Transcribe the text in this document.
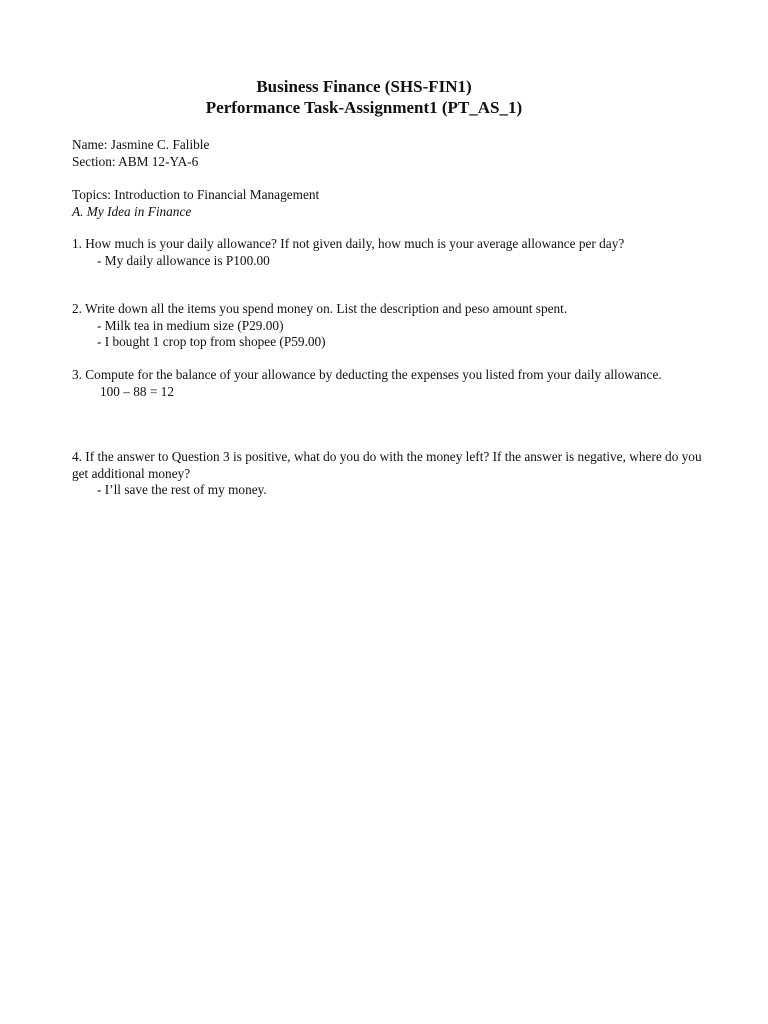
Business Finance (SHS-FIN1)
Performance Task-Assignment1 (PT_AS_1)

Name: Jasmine C. Falible

Section: ABM 12-YA-6

Topics: Introduction to Financial Management

A. My Idea in Finance

1. How much is your daily allowance? If not given daily, how much is your average allowance per day?

- My daily allowance is P100.00

2. Write down all the items you spend money on. List the description and peso amount spent.

- Milk tea in medium size (P29.00)

- I bought 1 crop top from shopee (P59.00)

3. Compute for the balance of your allowance by deducting the expenses you listed from your daily allowance.

100 – 88 = 12

4. If the answer to Question 3 is positive, what do you do with the money left? If the answer is negative, where do you get additional money?

- I’ll save the rest of my money.
